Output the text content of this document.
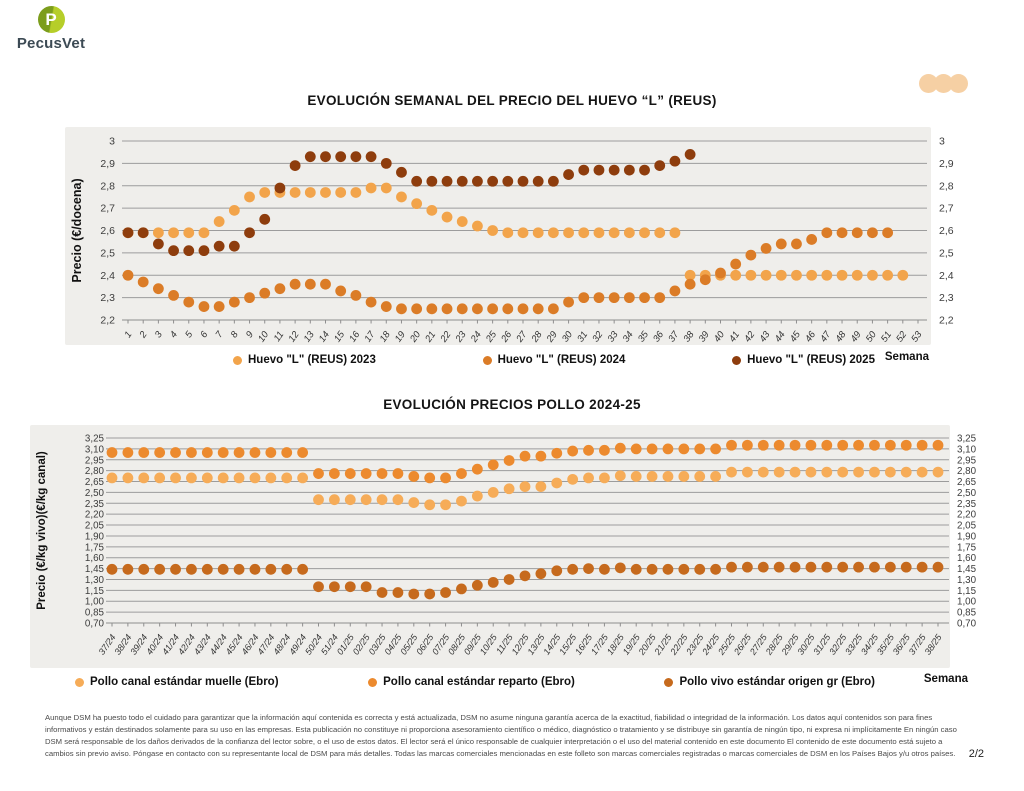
P
PecusVet
EVOLUCIÓN SEMANAL DEL PRECIO DEL HUEVO “L” (REUS)
3	3
2,9	2,9
2,8	2,8
2,7	2,7
2,6	2,6
2,5	2,5
2,4	2,4
2,3	2,3
2,2	2,2
1 2 3 4 5 6 7 8 9 10 11 12 13 14 15 16 17 18 19 20 21 22 23 24 25 26 27 28 29 30 31 32 33 34 35 36 37 38 39 40 41 42 43 44 45 46 47 48 49 50 51 52 53
Precio (€/docena)
Huevo "L" (REUS) 2023	Huevo "L" (REUS) 2024	Huevo "L" (REUS) 2025 Semana
EVOLUCIÓN PRECIOS POLLO 2024-25
3,25	3,25
3,10	3,10
2,95	2,95
2,80	2,80
2,65	2,65
2,50	2,50
2,35	2,35
2,20	2,20
2,05	2,05
1,90	1,90
1,75	1,75
1,60	1,60
1,45	1,45
1,30	1,30
1,15	1,15
1,00	1,00
0,85	0,85
0,70	0,70
37/24
38/24
39/24
40/24
41/24
42/24
43/24
44/24
45/24
46/24
47/24
48/24
49/24
50/24
51/24
01/25
02/25
03/25
04/25
05/25
06/25
07/25
08/25
09/25
10/25
11/25
12/25
13/25
14/25
15/25
16/25
17/25
18/25
19/25
20/25
21/25
22/25
23/25
24/25
25/25
26/25
27/25
28/25
29/25
30/25
31/25
32/25
33/25
34/25
35/25
36/25
37/25
38/25
Precio (€/kg vivo)(€/kg canal)
Pollo canal estándar muelle (Ebro)	Pollo canal estándar reparto (Ebro)	Pollo vivo estándar origen gr (Ebro)	Semana

Aunque DSM ha puesto todo el cuidado para garantizar que la información aquí contenida es correcta y está actualizada, DSM no asume ninguna garantía acerca de la exactitud, fiabilidad o integridad de la información. Los datos aquí contenidos son para fines informativos y están destinados solamente para su uso en las empresas. Esta publicación no constituye ni proporciona asesoramiento científico o médico, diagnóstico o tratamiento y se distribuye sin garantía de ningún tipo, ni expresa ni implícitamente En ningún caso DSM será responsable de los daños derivados de la confianza del lector sobre, o el uso de estos datos. El lector será el único responsable de cualquier interpretación o el uso del material contenido en este documento El contenido de este documento está sujeto a cambios sin previo aviso. Póngase en contacto con su representante local de DSM para más detalles. Todas las marcas comerciales mencionadas en este folleto son marcas comerciales registradas o marcas comerciales de DSM en los Países Bajos y/u otros países. 2/2
